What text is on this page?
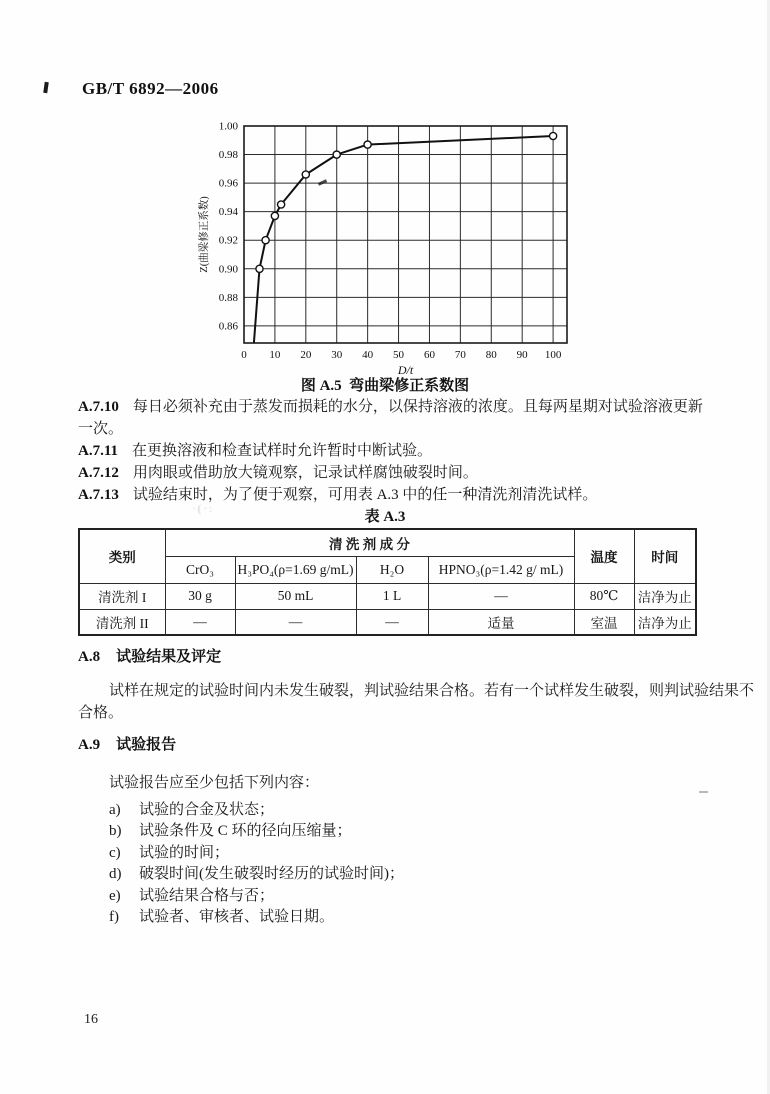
GB/T 6892—2006
0 10 20 30 40 50 60 70 80 90 100
1.00
0.98
0.96
0.94
0.92
0.90
0.88
0.86
D/t
Z(曲梁修正系数)
图 A.5  弯曲梁修正系数图

A.7.10 每日必须补充由于蒸发而损耗的水分，以保持溶液的浓度。且每两星期对试验溶液更新

一次。

A.7.11 在更换溶液和检查试样时允许暂时中断试验。

A.7.12 用肉眼或借助放大镜观察，记录试样腐蚀破裂时间。

A.7.13 试验结束时，为了便于观察，可用表 A.3 中的任一种清洗剂清洗试样。

表 A.3

类别	清 洗 剂 成 分				温度	时间
	CrO₃	H₃PO₄(ρ=1.69 g/mL)	H₂O	HPNO₃(ρ=1.42 g/ mL)		
清洗剂 I	30 g	50 mL	1 L	—	80℃	洁净为止
清洗剂 II	—	—	—	适量	室温	洁净为止

A.8 试验结果及评定

试样在规定的试验时间内未发生破裂，判试验结果合格。若有一个试样发生破裂，则判试验结果不

合格。

A.9 试验报告

试验报告应至少包括下列内容：

a) 试验的合金及状态；

b) 试验条件及 C 环的径向压缩量；

c) 试验的时间；

d) 破裂时间(发生破裂时经历的试验时间)；

e) 试验结果合格与否；

f) 试验者、审核者、试验日期。

16
·(·:
